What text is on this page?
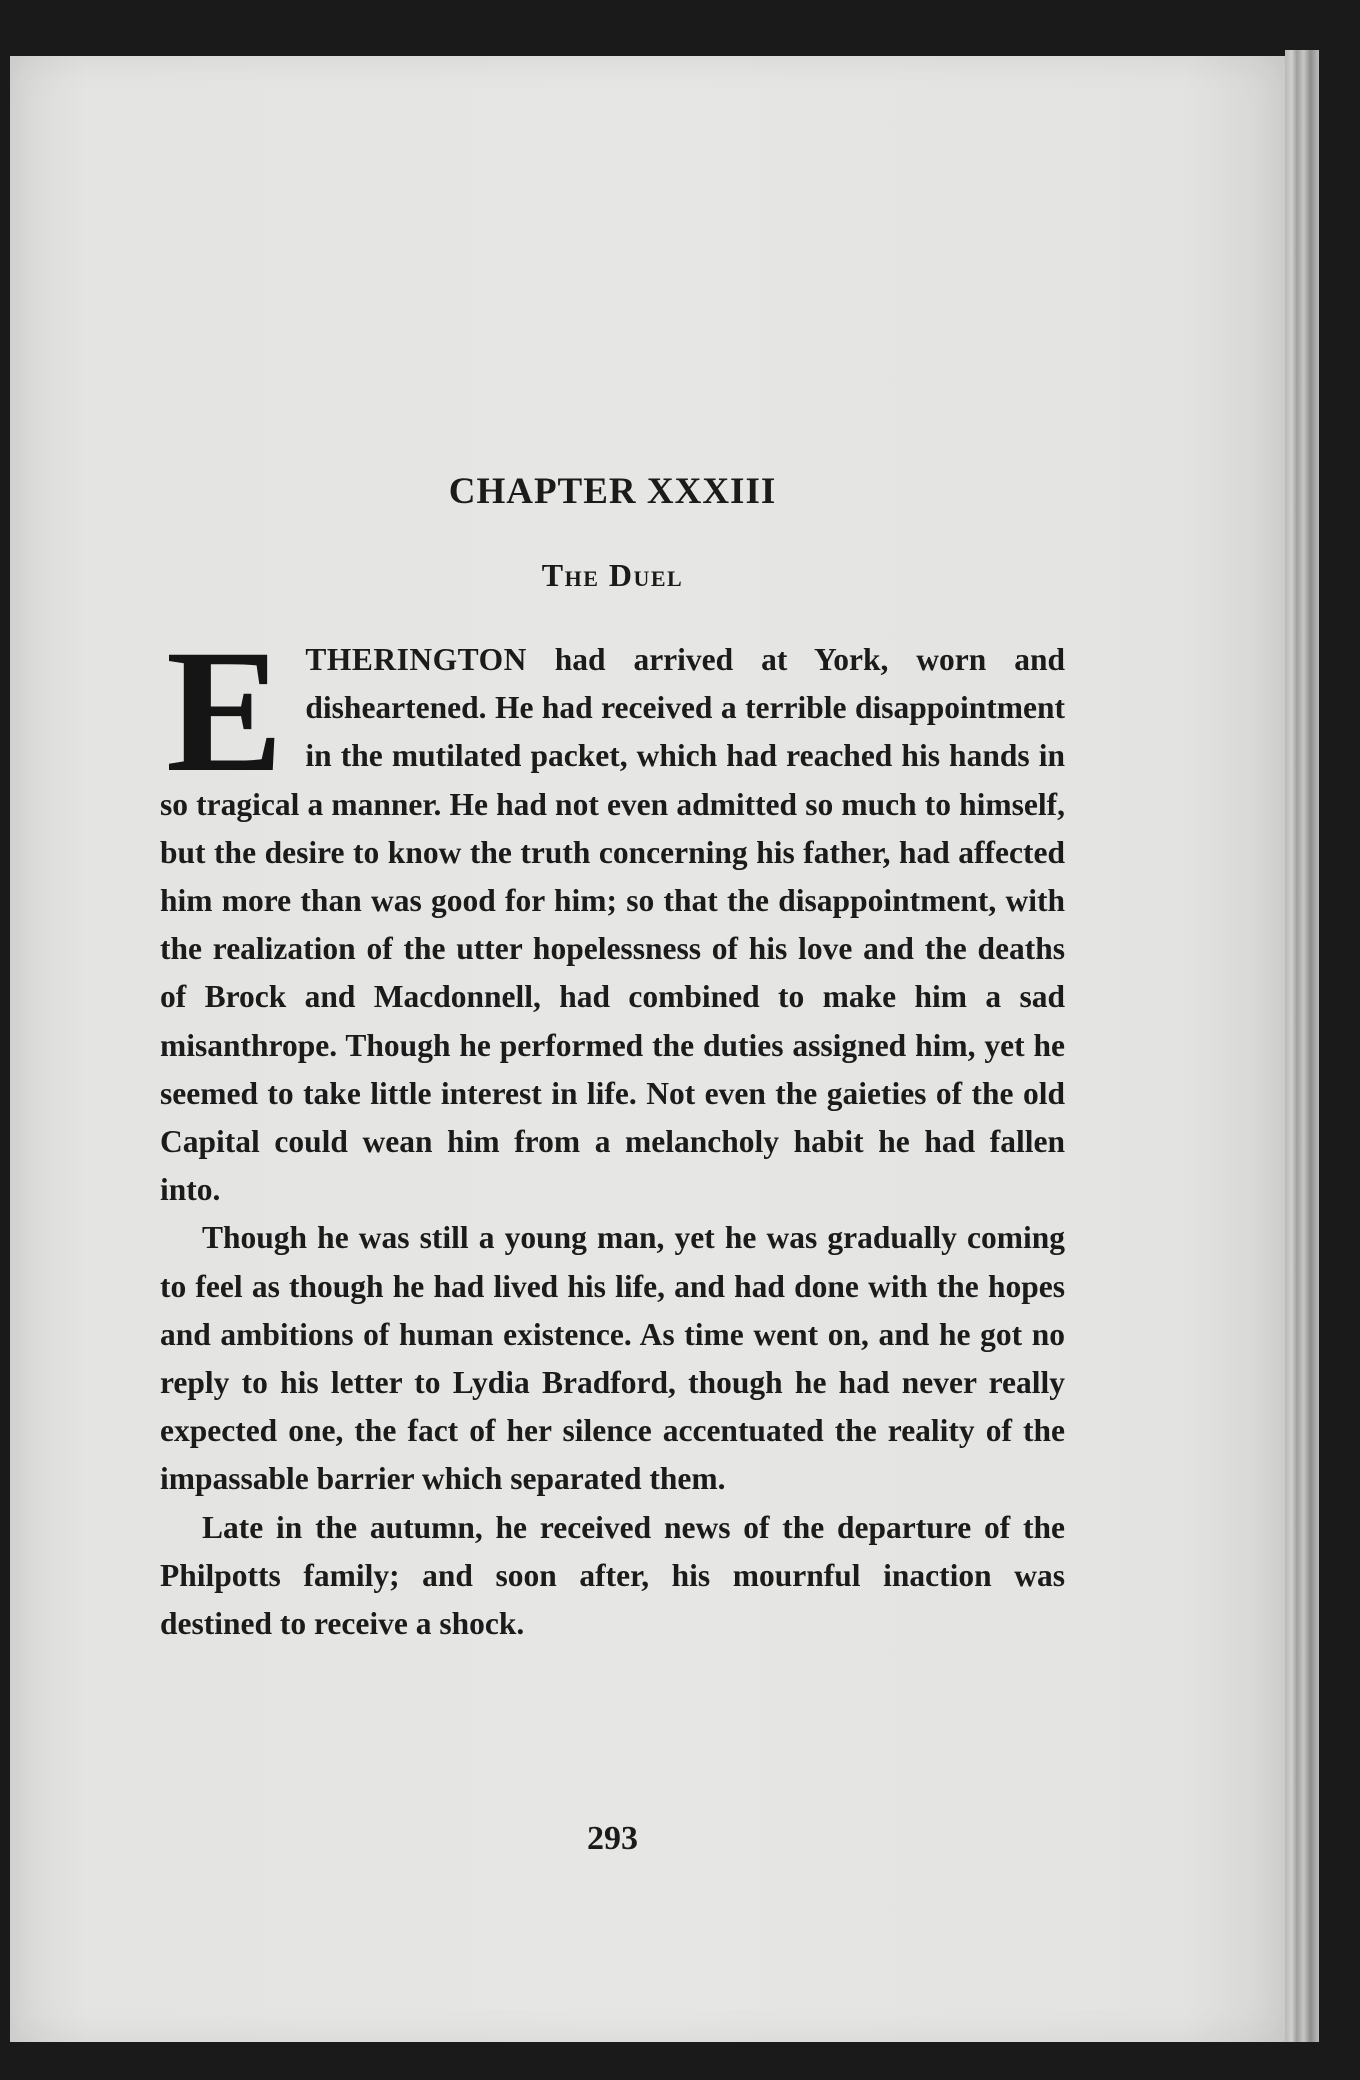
CHAPTER XXXIII
The Duel

ETHERINGTON had arrived at York, worn and disheartened. He had received a terrible disappointment in the mutilated packet, which had reached his hands in so tragical a manner. He had not even admitted so much to himself, but the desire to know the truth concerning his father, had affected him more than was good for him; so that the disappointment, with the realization of the utter hopelessness of his love and the deaths of Brock and Macdonnell, had combined to make him a sad misanthrope. Though he performed the duties assigned him, yet he seemed to take little interest in life. Not even the gaieties of the old Capital could wean him from a melancholy habit he had fallen into.

Though he was still a young man, yet he was gradually coming to feel as though he had lived his life, and had done with the hopes and ambitions of human existence. As time went on, and he got no reply to his letter to Lydia Bradford, though he had never really expected one, the fact of her silence accentuated the reality of the impassable barrier which separated them.

Late in the autumn, he received news of the departure of the Philpotts family; and soon after, his mournful inaction was destined to receive a shock.

293
